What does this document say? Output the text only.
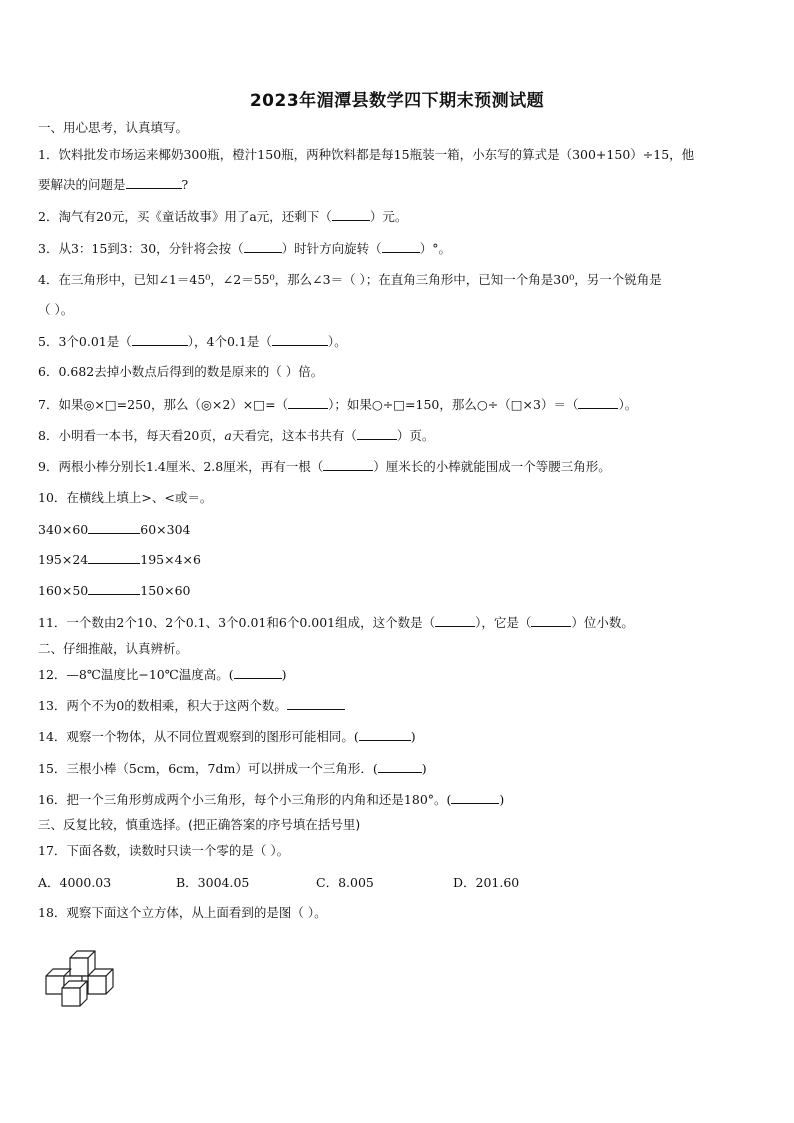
2023年湄潭县数学四下期末预测试题
一、用心思考，认真填写。
1．饮料批发市场运来椰奶300瓶，橙汁150瓶，两种饮料都是每15瓶装一箱，小东写的算式是（300+150）÷15，他
要解决的问题是	?
2．淘气有20元，买《童话故事》用了a元，还剩下（	）元。
3．从3：15到3：30，分针将会按（	）时针方向旋转（	）°。
4．在三角形中，已知∠1＝45⁰，∠2＝55⁰，那么∠3＝（ ）；在直角三角形中，已知一个角是30⁰，另一个锐角是
（ ）。
5．3个0.01是（	），4个0.1是（	）。
6．0.682去掉小数点后得到的数是原来的（ ）倍。
7．如果◎×□=250，那么（◎×2）×□=（	）；如果○÷□=150，那么○÷（□×3）＝（	）。
8．小明看一本书，每天看20页，a天看完，这本书共有（	）页。
9．两根小棒分别长1.4厘米、2.8厘米，再有一根（	）厘米长的小棒就能围成一个等腰三角形。
10．在横线上填上>、<或＝。
340×60	60×304
195×24	195×4×6
160×50	150×60
11．一个数由2个10、2个0.1、3个0.01和6个0.001组成，这个数是（	），它是（	）位小数。
二、仔细推敲，认真辨析。
12．—8℃温度比−10℃温度高。(	)
13．两个不为0的数相乘，积大于这两个数。
14．观察一个物体，从不同位置观察到的图形可能相同。(	)
15．三根小棒（5cm，6cm，7dm）可以拼成一个三角形．(	)
16．把一个三角形剪成两个小三角形，每个小三角形的内角和还是180°。(	)
三、反复比较，慎重选择。(把正确答案的序号填在括号里)
17．下面各数，读数时只读一个零的是（ ）。
A．4000.03	B．3004.05	C．8.005	D．201.60
18．观察下面这个立方体，从上面看到的是图（ ）。
